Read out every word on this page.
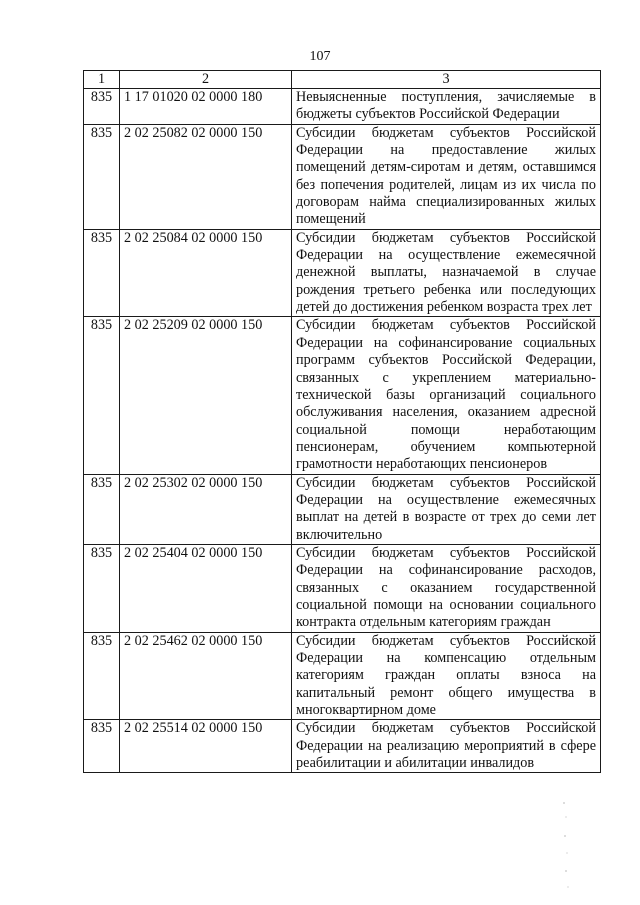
107
1	2	3
835	1 17 01020 02 0000 180	Невыясненные поступления, зачисляемые в бюджеты субъектов Российской Федерации
835	2 02 25082 02 0000 150	Субсидии бюджетам субъектов Российской Федерации на предоставление жилых помещений детям-сиротам и детям, оставшимся без попечения родителей, лицам из их числа по договорам найма специализированных жилых помещений
835	2 02 25084 02 0000 150	Субсидии бюджетам субъектов Российской Федерации на осуществление ежемесячной денежной выплаты, назначаемой в случае рождения третьего ребенка или последующих детей до достижения ребенком возраста трех лет
835	2 02 25209 02 0000 150	Субсидии бюджетам субъектов Российской Федерации на софинансирование социальных программ субъектов Российской Федерации, связанных с укреплением материально-технической базы организаций социального обслуживания населения, оказанием адресной социальной помощи неработающим пенсионерам, обучением компьютерной грамотности неработающих пенсионеров
835	2 02 25302 02 0000 150	Субсидии бюджетам субъектов Российской Федерации на осуществление ежемесячных выплат на детей в возрасте от трех до семи лет включительно
835	2 02 25404 02 0000 150	Субсидии бюджетам субъектов Российской Федерации на софинансирование расходов, связанных с оказанием государственной социальной помощи на основании социального контракта отдельным категориям граждан
835	2 02 25462 02 0000 150	Субсидии бюджетам субъектов Российской Федерации на компенсацию отдельным категориям граждан оплаты взноса на капитальный ремонт общего имущества в многоквартирном доме
835	2 02 25514 02 0000 150	Субсидии бюджетам субъектов Российской Федерации на реализацию мероприятий в сфере реабилитации и абилитации инвалидов
